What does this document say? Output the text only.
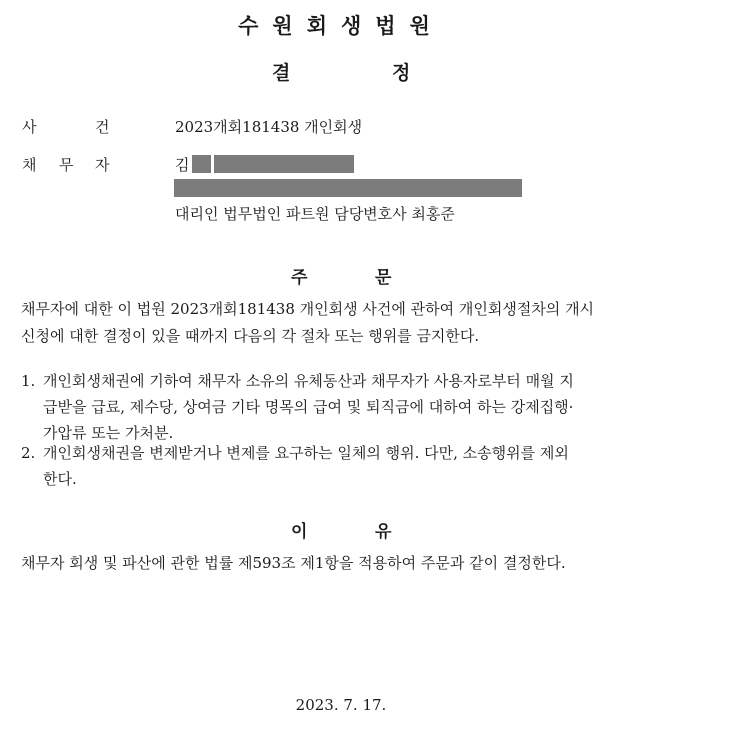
수원회생법원
결	정
사	건	2023개회181438 개인회생
채 무 자	김
대리인 법무법인 파트원 담당변호사 최홍준
주	문
채무자에 대한 이 법원 2023개회181438 개인회생 사건에 관하여 개인회생절차의 개시
신청에 대한 결정이 있을 때까지 다음의 각 절차 또는 행위를 금지한다.
1. 개인회생채권에 기하여 채무자 소유의 유체동산과 채무자가 사용자로부터 매월 지
급받을 급료, 제수당, 상여금 기타 명목의 급여 및 퇴직금에 대하여 하는 강제집행·
가압류 또는 가처분.
2. 개인회생채권을 변제받거나 변제를 요구하는 일체의 행위. 다만, 소송행위를 제외
한다.
이	유
채무자 회생 및 파산에 관한 법률 제593조 제1항을 적용하여 주문과 같이 결정한다.
2023. 7. 17.
